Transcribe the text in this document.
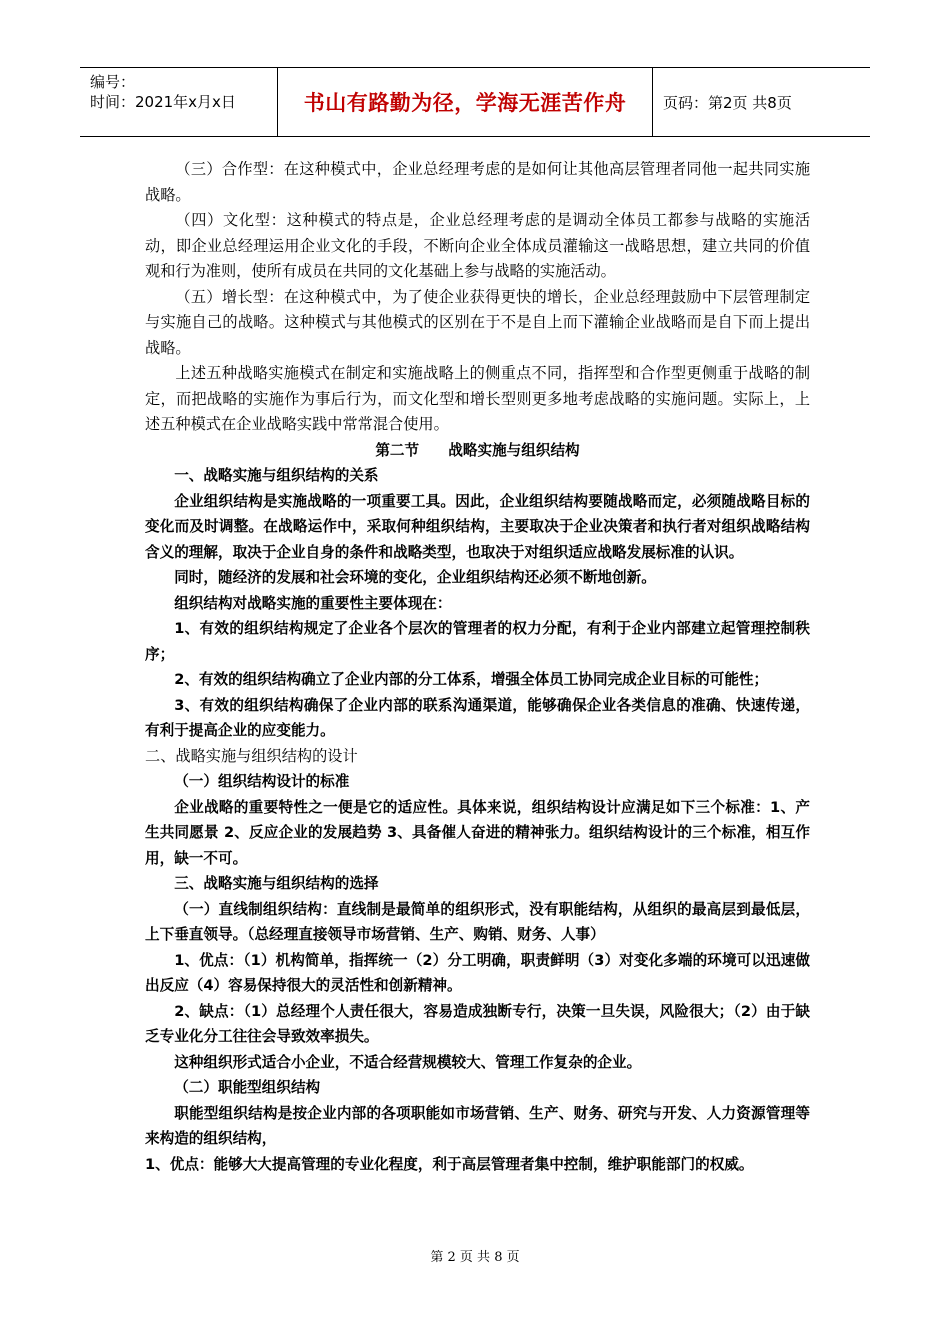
编号：
时间：2021年x月x日	书山有路勤为径，学海无涯苦作舟	页码：第2页 共8页

（三）合作型：在这种模式中，企业总经理考虑的是如何让其他高层管理者同他一起共同实施战略。

（四）文化型：这种模式的特点是，企业总经理考虑的是调动全体员工都参与战略的实施活动，即企业总经理运用企业文化的手段，不断向企业全体成员灌输这一战略思想，建立共同的价值观和行为准则，使所有成员在共同的文化基础上参与战略的实施活动。

（五）增长型：在这种模式中，为了使企业获得更快的增长，企业总经理鼓励中下层管理制定与实施自己的战略。这种模式与其他模式的区别在于不是自上而下灌输企业战略而是自下而上提出战略。

上述五种战略实施模式在制定和实施战略上的侧重点不同，指挥型和合作型更侧重于战略的制定，而把战略的实施作为事后行为，而文化型和增长型则更多地考虑战略的实施问题。实际上，上述五种模式在企业战略实践中常常混合使用。

第二节　　战略实施与组织结构

一、战略实施与组织结构的关系

企业组织结构是实施战略的一项重要工具。因此，企业组织结构要随战略而定，必须随战略目标的变化而及时调整。在战略运作中，采取何种组织结构，主要取决于企业决策者和执行者对组织战略结构含义的理解，取决于企业自身的条件和战略类型，也取决于对组织适应战略发展标准的认识。

同时，随经济的发展和社会环境的变化，企业组织结构还必须不断地创新。

组织结构对战略实施的重要性主要体现在：

1、有效的组织结构规定了企业各个层次的管理者的权力分配，有利于企业内部建立起管理控制秩序；

2、有效的组织结构确立了企业内部的分工体系，增强全体员工协同完成企业目标的可能性；

3、有效的组织结构确保了企业内部的联系沟通渠道，能够确保企业各类信息的准确、快速传递，有利于提高企业的应变能力。

二、战略实施与组织结构的设计

（一）组织结构设计的标准

企业战略的重要特性之一便是它的适应性。具体来说，组织结构设计应满足如下三个标准：1、产生共同愿景 2、反应企业的发展趋势 3、具备催人奋进的精神张力。组织结构设计的三个标准，相互作用，缺一不可。

三、战略实施与组织结构的选择

（一）直线制组织结构：直线制是最简单的组织形式，没有职能结构，从组织的最高层到最低层，上下垂直领导。（总经理直接领导市场营销、生产、购销、财务、人事）

1、优点：（1）机构简单，指挥统一（2）分工明确，职责鲜明（3）对变化多端的环境可以迅速做出反应（4）容易保持很大的灵活性和创新精神。

2、缺点：（1）总经理个人责任很大，容易造成独断专行，决策一旦失误，风险很大；（2）由于缺乏专业化分工往往会导致效率损失。

这种组织形式适合小企业，不适合经营规模较大、管理工作复杂的企业。

（二）职能型组织结构

职能型组织结构是按企业内部的各项职能如市场营销、生产、财务、研究与开发、人力资源管理等来构造的组织结构，

1、优点：能够大大提高管理的专业化程度，利于高层管理者集中控制，维护职能部门的权威。

第 2 页 共 8 页
